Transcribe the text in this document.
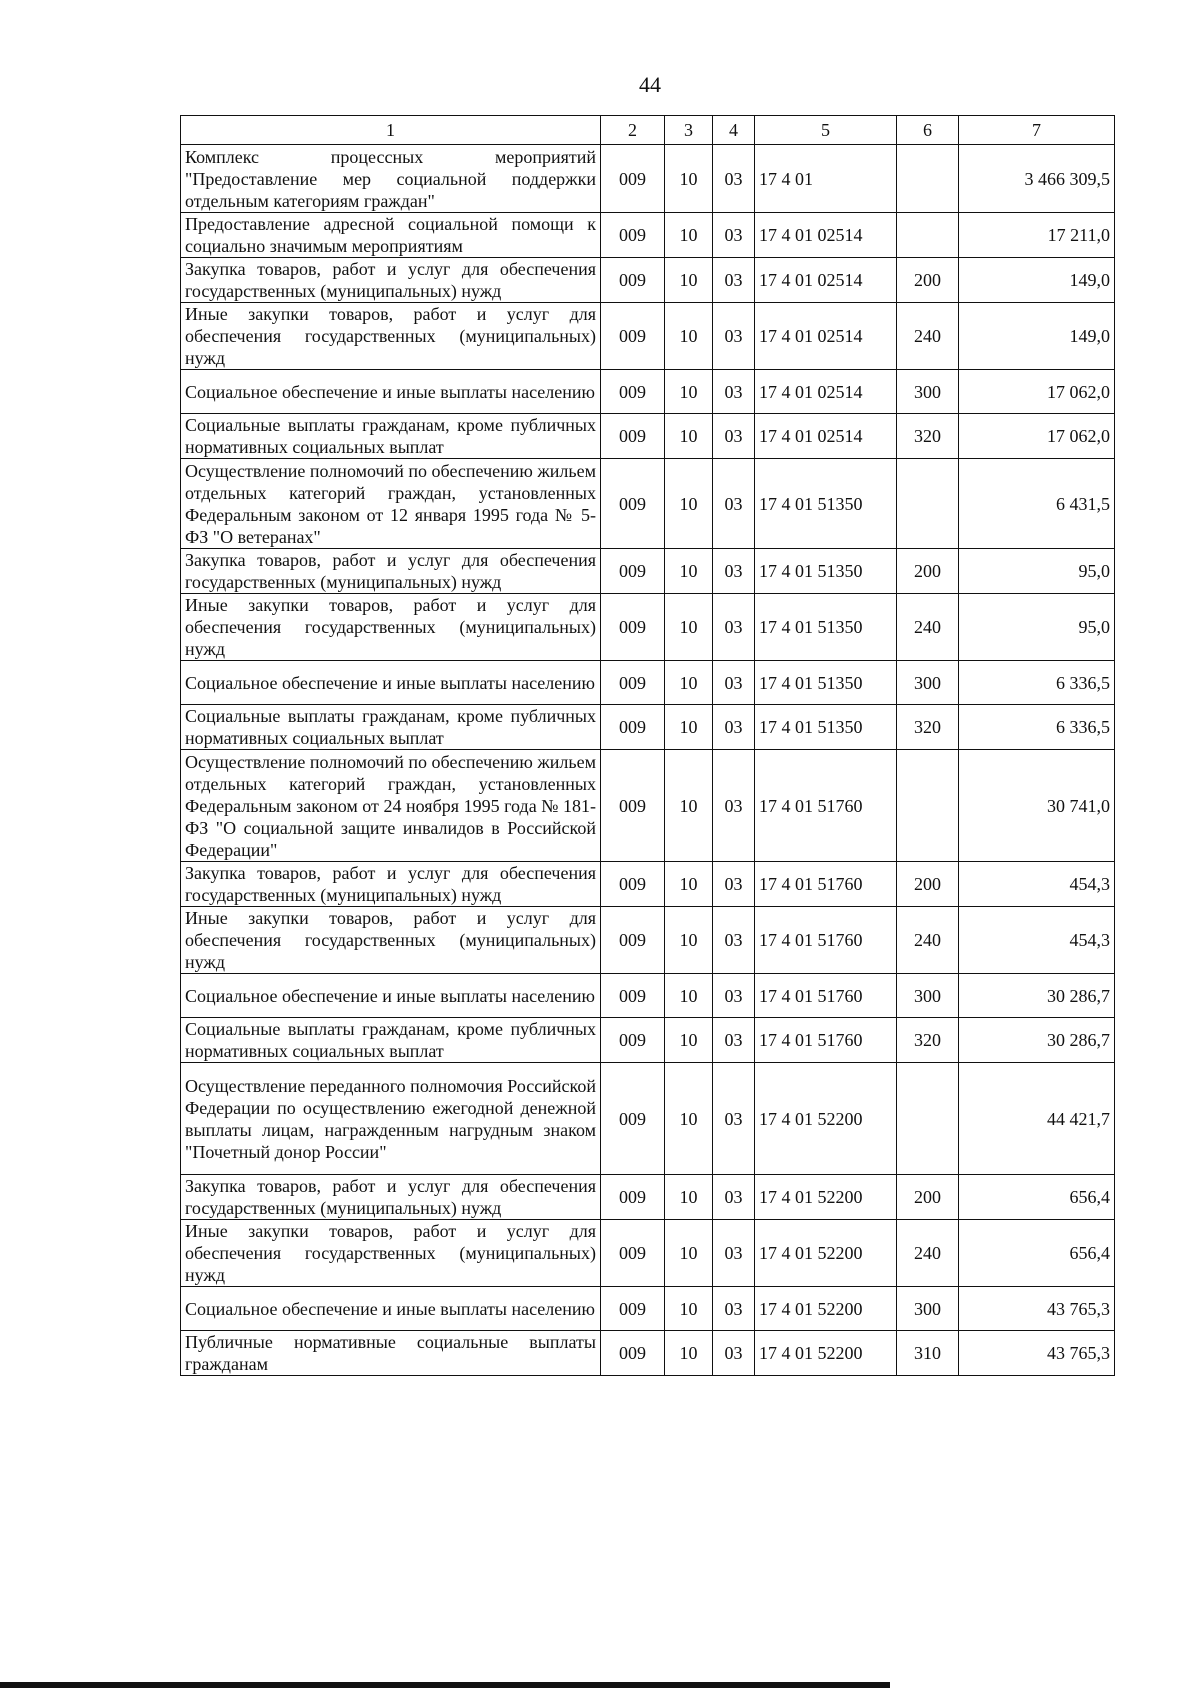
44
1	2	3	4	5	6	7
Комплекс процессных мероприятий "Предоставление мер социальной поддержки отдельным категориям граждан"	009	10	03	17 4 01		3 466 309,5
Предоставление адресной социальной помощи к социально значимым мероприятиям	009	10	03	17 4 01 02514		17 211,0
Закупка товаров, работ и услуг для обеспечения государственных (муниципальных) нужд	009	10	03	17 4 01 02514	200	149,0
Иные закупки товаров, работ и услуг для обеспечения государственных (муниципальных) нужд	009	10	03	17 4 01 02514	240	149,0
Социальное обеспечение и иные выплаты населению	009	10	03	17 4 01 02514	300	17 062,0
Социальные выплаты гражданам, кроме публичных нормативных социальных выплат	009	10	03	17 4 01 02514	320	17 062,0
Осуществление полномочий по обеспечению жильем отдельных категорий граждан, установленных Федеральным законом от 12 января 1995 года № 5-ФЗ "О ветеранах"	009	10	03	17 4 01 51350		6 431,5
Закупка товаров, работ и услуг для обеспечения государственных (муниципальных) нужд	009	10	03	17 4 01 51350	200	95,0
Иные закупки товаров, работ и услуг для обеспечения государственных (муниципальных) нужд	009	10	03	17 4 01 51350	240	95,0
Социальное обеспечение и иные выплаты населению	009	10	03	17 4 01 51350	300	6 336,5
Социальные выплаты гражданам, кроме публичных нормативных социальных выплат	009	10	03	17 4 01 51350	320	6 336,5
Осуществление полномочий по обеспечению жильем отдельных категорий граждан, установленных Федеральным законом от 24 ноября 1995 года № 181-ФЗ "О социальной защите инвалидов в Российской Федерации"	009	10	03	17 4 01 51760		30 741,0
Закупка товаров, работ и услуг для обеспечения государственных (муниципальных) нужд	009	10	03	17 4 01 51760	200	454,3
Иные закупки товаров, работ и услуг для обеспечения государственных (муниципальных) нужд	009	10	03	17 4 01 51760	240	454,3
Социальное обеспечение и иные выплаты населению	009	10	03	17 4 01 51760	300	30 286,7
Социальные выплаты гражданам, кроме публичных нормативных социальных выплат	009	10	03	17 4 01 51760	320	30 286,7
Осуществление переданного полномочия Российской Федерации по осуществлению ежегодной денежной выплаты лицам, награжденным нагрудным знаком "Почетный донор России"	009	10	03	17 4 01 52200		44 421,7
Закупка товаров, работ и услуг для обеспечения государственных (муниципальных) нужд	009	10	03	17 4 01 52200	200	656,4
Иные закупки товаров, работ и услуг для обеспечения государственных (муниципальных) нужд	009	10	03	17 4 01 52200	240	656,4
Социальное обеспечение и иные выплаты населению	009	10	03	17 4 01 52200	300	43 765,3
Публичные нормативные социальные выплаты гражданам	009	10	03	17 4 01 52200	310	43 765,3
